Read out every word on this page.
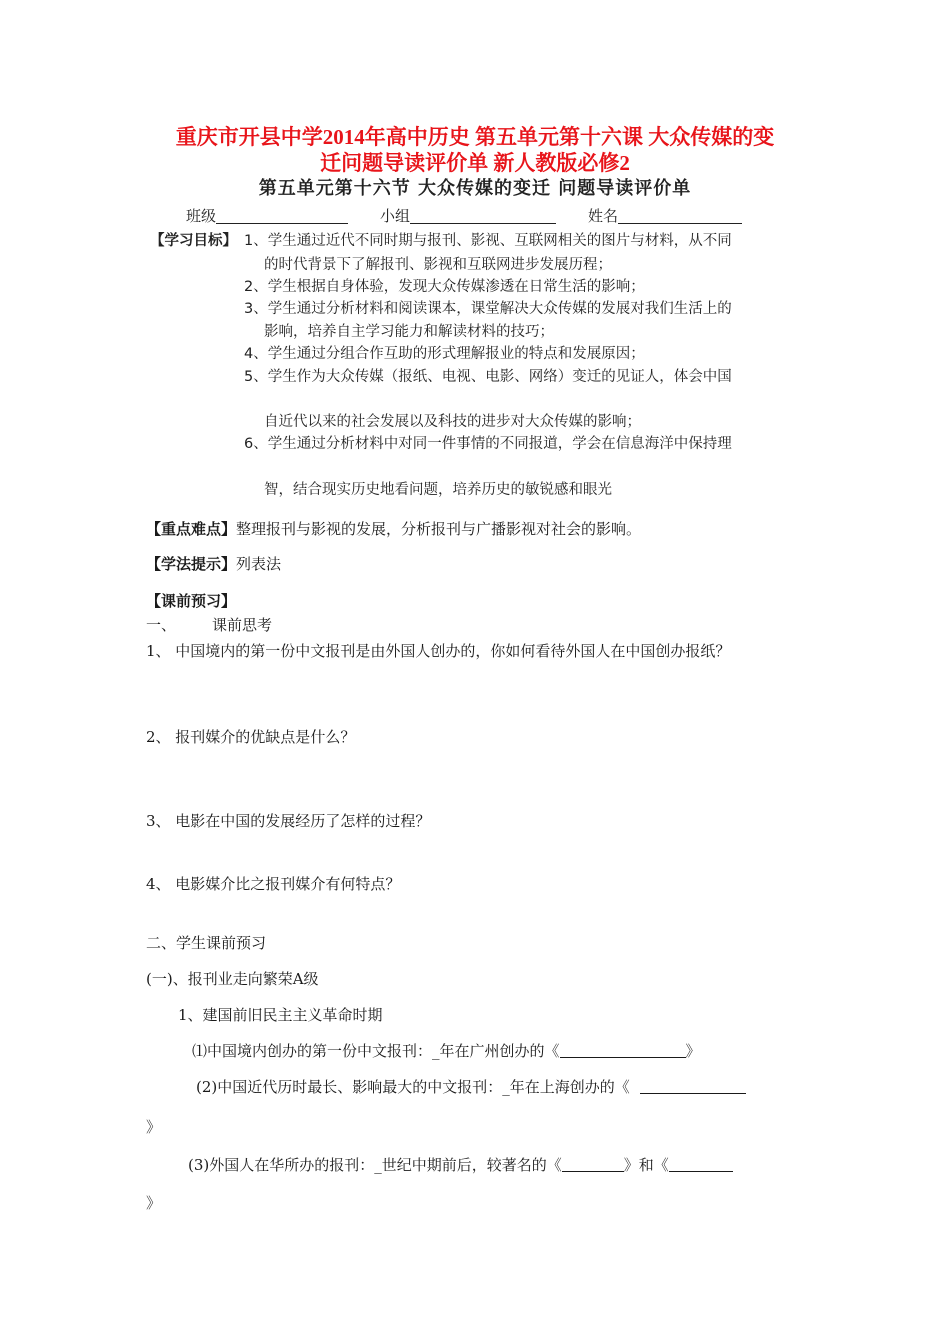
重庆市开县中学2014年高中历史 第五单元第十六课 大众传媒的变
迁问题导读评价单 新人教版必修2
第五单元第十六节 大众传媒的变迁 问题导读评价单
班级	小组	姓名
【学习目标】 1、学生通过近代不同时期与报刊、影视、互联网相关的图片与材料，从不同
的时代背景下了解报刊、影视和互联网进步发展历程；
2、学生根据自身体验，发现大众传媒渗透在日常生活的影响；
3、学生通过分析材料和阅读课本，课堂解决大众传媒的发展对我们生活上的
影响，培养自主学习能力和解读材料的技巧；
4、学生通过分组合作互助的形式理解报业的特点和发展原因；
5、学生作为大众传媒（报纸、电视、电影、网络）变迁的见证人，体会中国
自近代以来的社会发展以及科技的进步对大众传媒的影响；
6、学生通过分析材料中对同一件事情的不同报道，学会在信息海洋中保持理
智，结合现实历史地看问题，培养历史的敏锐感和眼光
【重点难点】整理报刊与影视的发展，分析报刊与广播影视对社会的影响。
【学法提示】列表法
【课前预习】
一、 课前思考
1、 中国境内的第一份中文报刊是由外国人创办的，你如何看待外国人在中国创办报纸？
2、 报刊媒介的优缺点是什么？
3、 电影在中国的发展经历了怎样的过程？
4、 电影媒介比之报刊媒介有何特点？
二、学生课前预习
(一)、报刊业走向繁荣A级
1、建国前旧民主主义革命时期
⑴中国境内创办的第一份中文报刊：_年在广州创办的《	》
(2)中国近代历时最长、影响最大的中文报刊：_年在上海创办的《
》
(3)外国人在华所办的报刊：_世纪中期前后，较著名的《	》和《
》
